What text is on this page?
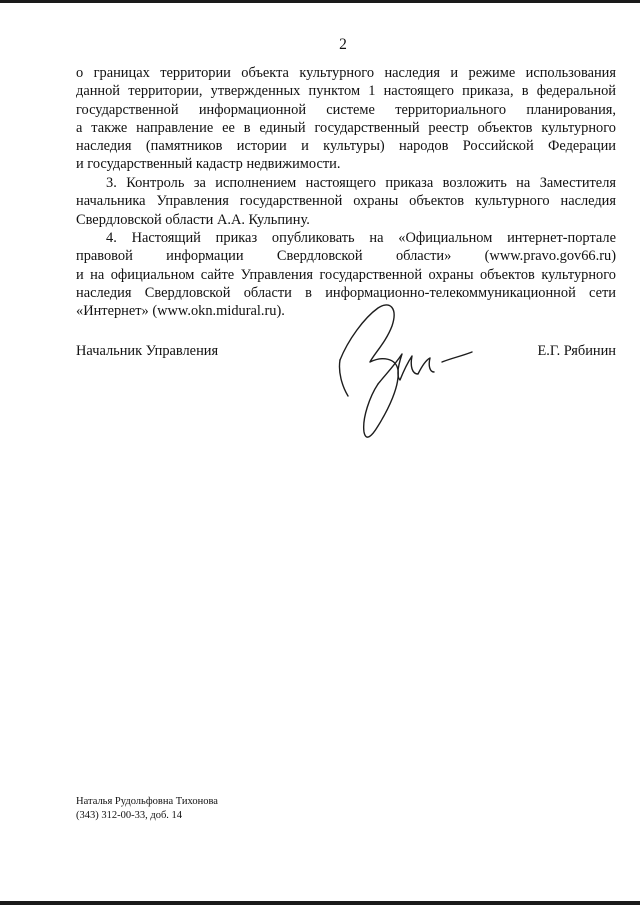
2
о границах территории объекта культурного наследия и режиме использования
данной территории, утвержденных пунктом 1 настоящего приказа, в федеральной
государственной информационной системе территориального планирования,
а также направление ее в единый государственный реестр объектов культурного
наследия (памятников истории и культуры) народов Российской Федерации
и государственный кадастр недвижимости.
3. Контроль за исполнением настоящего приказа возложить на Заместителя
начальника Управления государственной охраны объектов культурного наследия
Свердловской области А.А. Кульпину.
4. Настоящий приказ опубликовать на «Официальном интернет-портале
правовой информации Свердловской области» (www.pravo.gov66.ru)
и на официальном сайте Управления государственной охраны объектов культурного
наследия Свердловской области в информационно-телекоммуникационной сети
«Интернет» (www.okn.midural.ru).
Начальник Управления	Е.Г. Рябинин
Наталья Рудольфовна Тихонова
(343) 312-00-33, доб. 14
